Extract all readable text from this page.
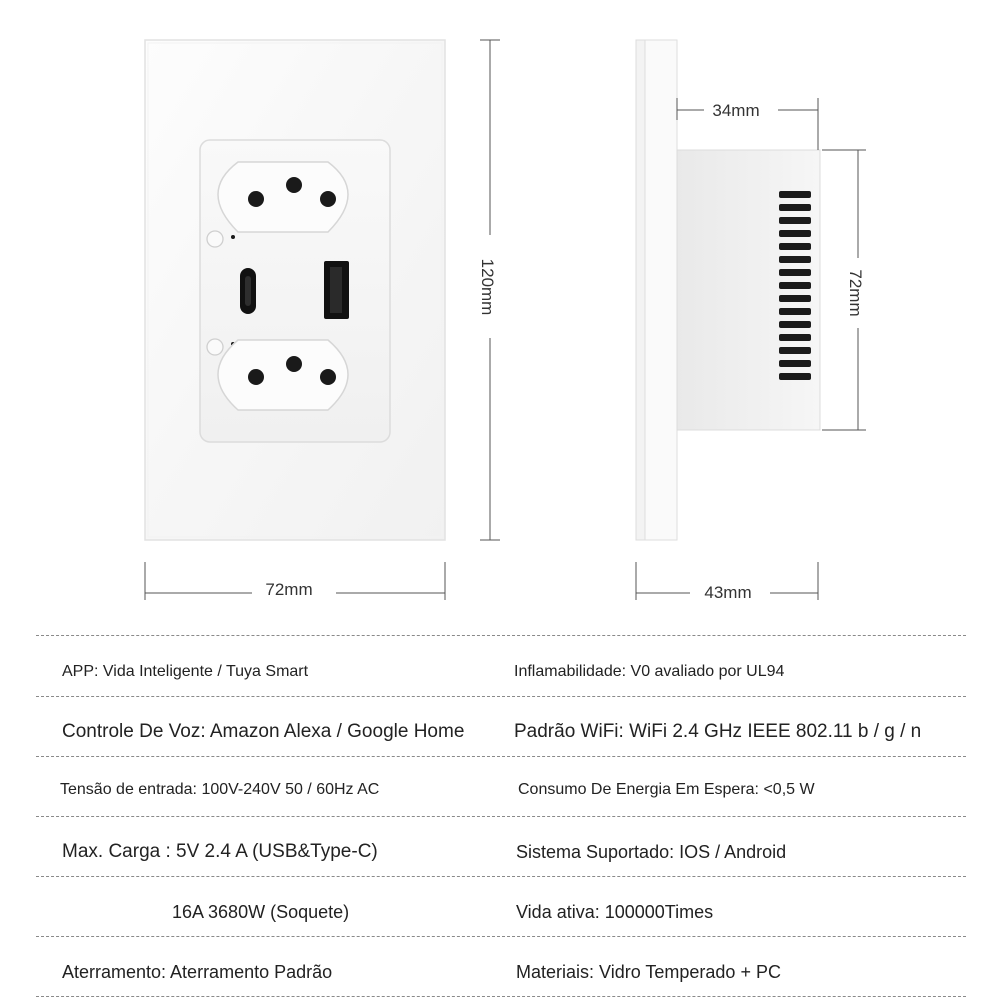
120mm
72mm
34mm
72mm
43mm
APP: Vida Inteligente / Tuya Smart	Inflamabilidade: V0 avaliado por UL94
Controle De Voz: Amazon Alexa / Google Home	Padrão WiFi: WiFi 2.4 GHz IEEE 802.11 b / g / n
Tensão de entrada: 100V-240V 50 / 60Hz AC	Consumo De Energia Em Espera: <0,5 W
Max. Carga : 5V 2.4 A (USB&Type-C)	Sistema Suportado: IOS / Android
16A 3680W (Soquete)	Vida ativa: 100000Times
Aterramento: Aterramento Padrão	Materiais: Vidro Temperado + PC
